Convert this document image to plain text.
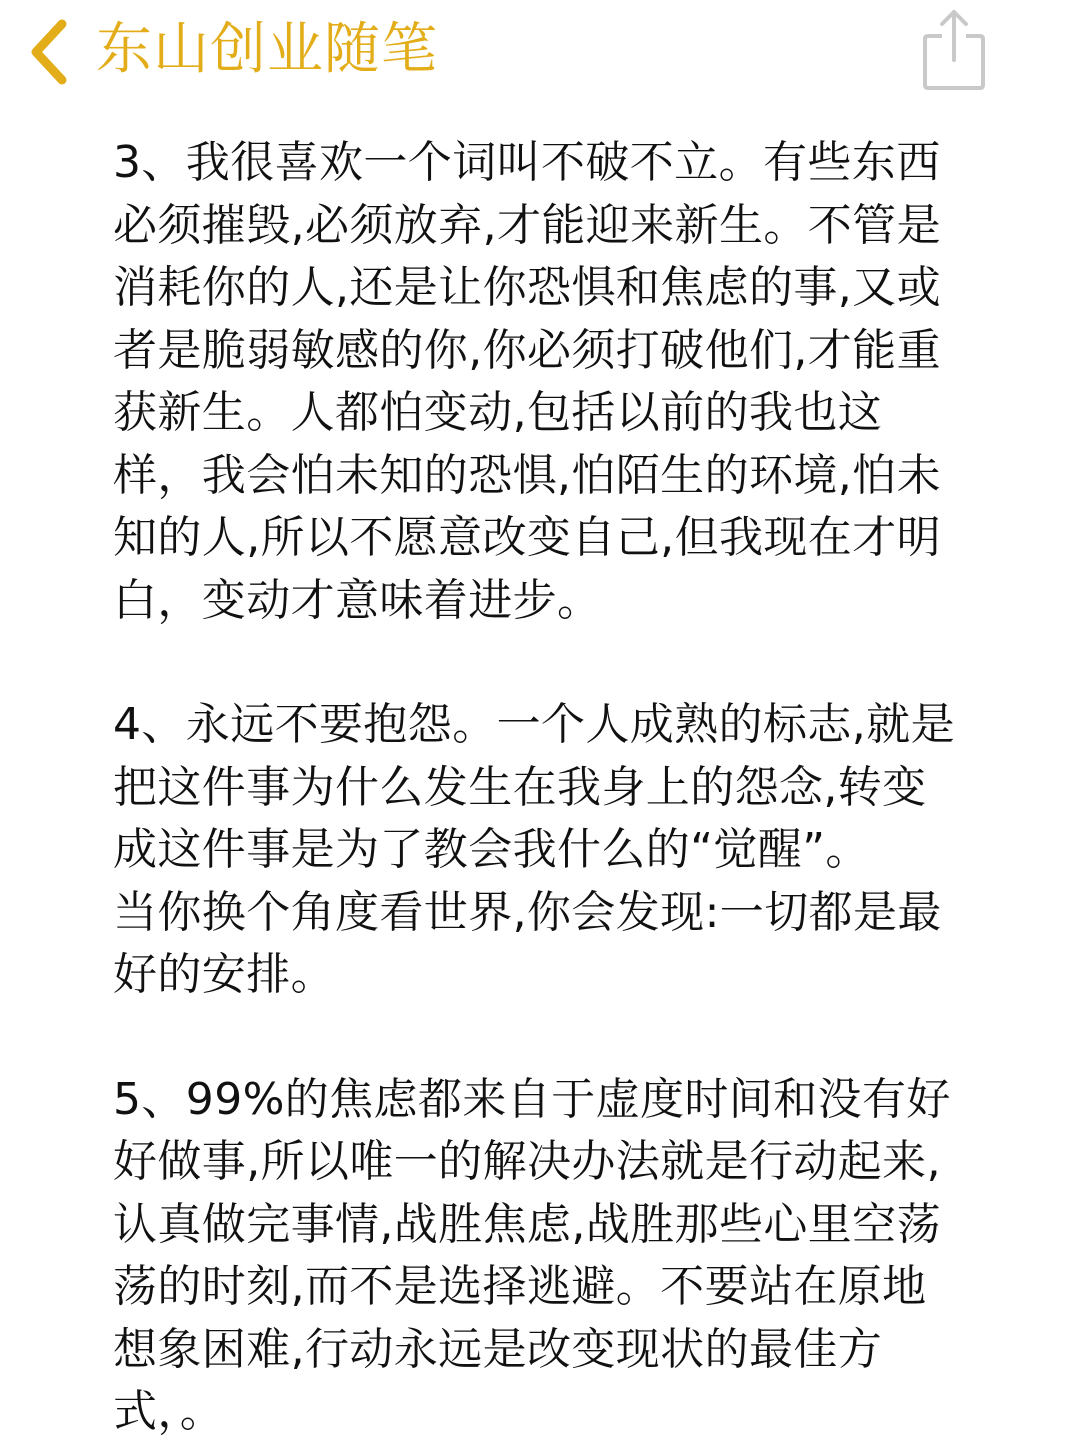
东山创业随笔

3、我很喜欢一个词叫不破不立。有些东西
必须摧毁,必须放弃,才能迎来新生。不管是
消耗你的人,还是让你恐惧和焦虑的事,又或
者是脆弱敏感的你,你必须打破他们,才能重
获新生。人都怕变动,包括以前的我也这
样，我会怕未知的恐惧,怕陌生的环境,怕未
知的人,所以不愿意改变自己,但我现在才明
白，变动才意味着进步。

4、永远不要抱怨。一个人成熟的标志,就是
把这件事为什么发生在我身上的怨念,转变
成这件事是为了教会我什么的“觉醒”。
当你换个角度看世界,你会发现:一切都是最
好的安排。

5、99%的焦虑都来自于虚度时间和没有好
好做事,所以唯一的解决办法就是行动起来,
认真做完事情,战胜焦虑,战胜那些心里空荡
荡的时刻,而不是选择逃避。不要站在原地
想象困难,行动永远是改变现状的最佳方
式，。
